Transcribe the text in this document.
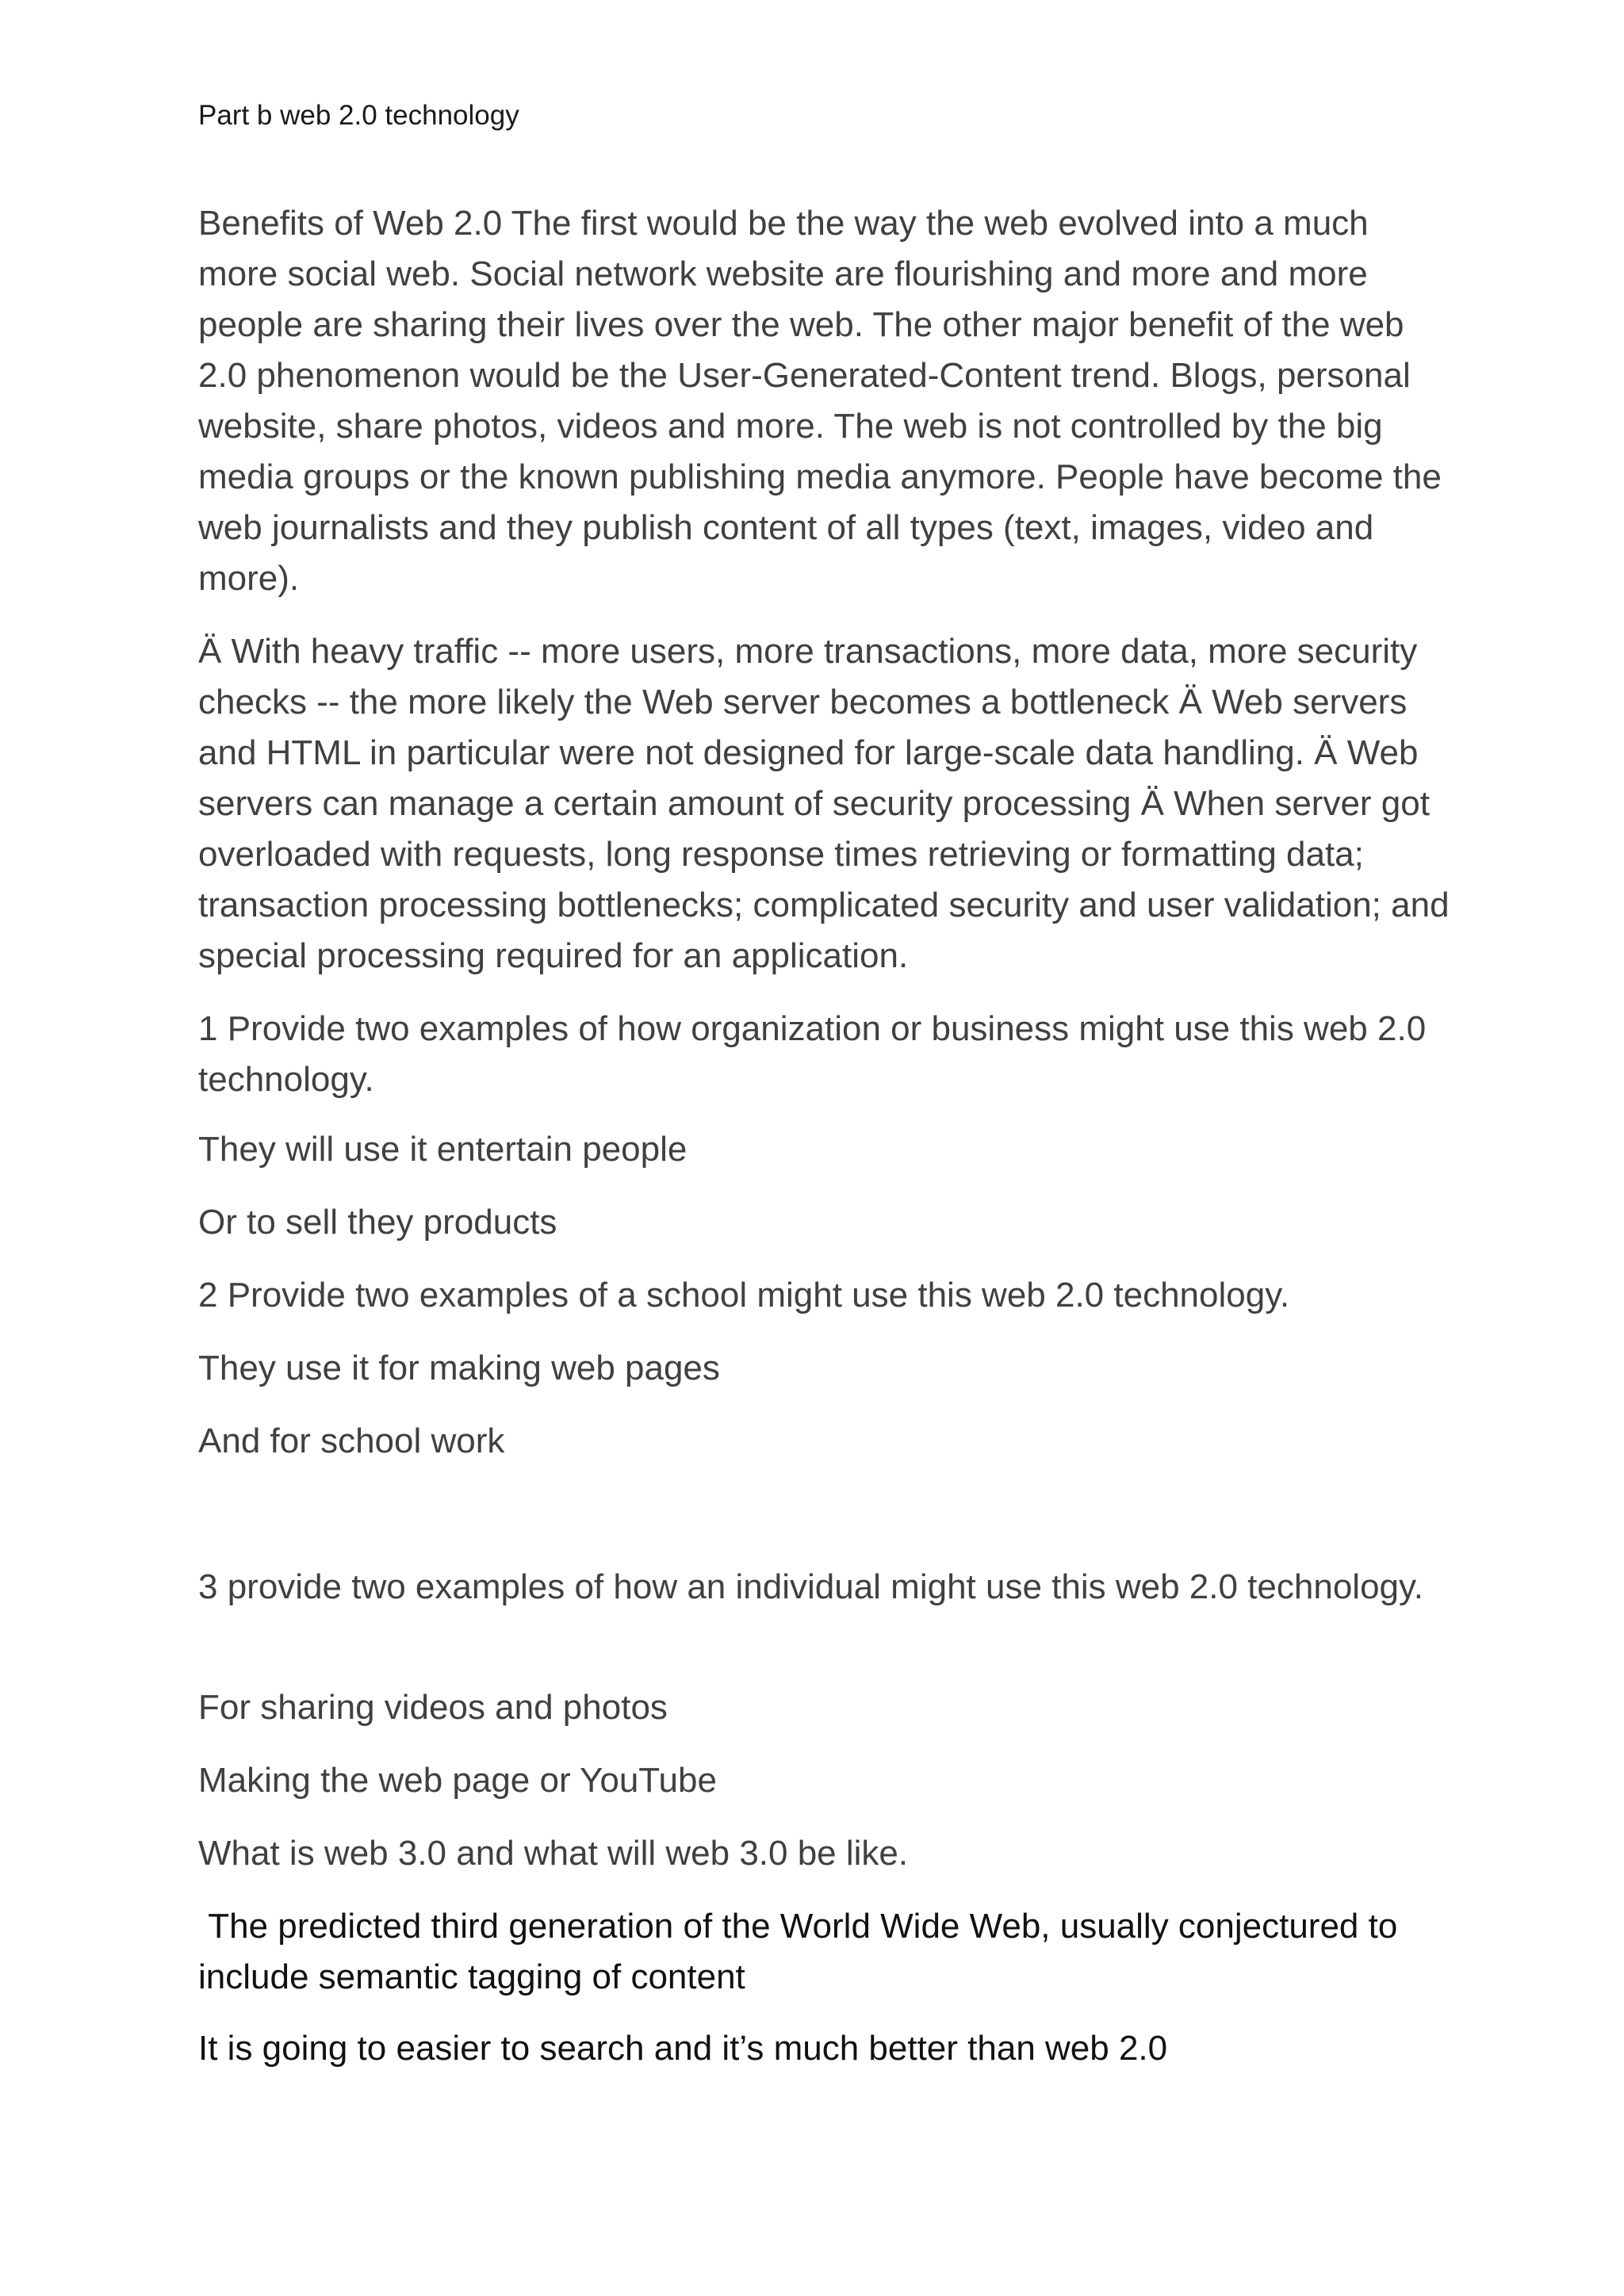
Part b web 2.0 technology

Benefits of Web 2.0 The first would be the way the web evolved into a much more social web. Social network website are flourishing and more and more people are sharing their lives over the web. The other major benefit of the web 2.0 phenomenon would be the User-Generated-Content trend. Blogs, personal website, share photos, videos and more. The web is not controlled by the big media groups or the known publishing media anymore. People have become the web journalists and they publish content of all types (text, images, video and more).

Ä With heavy traffic -- more users, more transactions, more data, more security checks -- the more likely the Web server becomes a bottleneck Ä Web servers and HTML in particular were not designed for large-scale data handling. Ä Web servers can manage a certain amount of security processing Ä When server got overloaded with requests, long response times retrieving or formatting data; transaction processing bottlenecks; complicated security and user validation; and special processing required for an application.

1 Provide two examples of how organization or business might use this web 2.0 technology.

They will use it entertain people

Or to sell they products

2 Provide two examples of a school might use this web 2.0 technology.

They use it for making web pages

And for school work

3 provide two examples of how an individual might use this web 2.0 technology.

For sharing videos and photos

Making the web page or YouTube

What is web 3.0 and what will web 3.0 be like.

The predicted third generation of the World Wide Web, usually conjectured to include semantic tagging of content

It is going to easier to search and it’s much better than web 2.0
